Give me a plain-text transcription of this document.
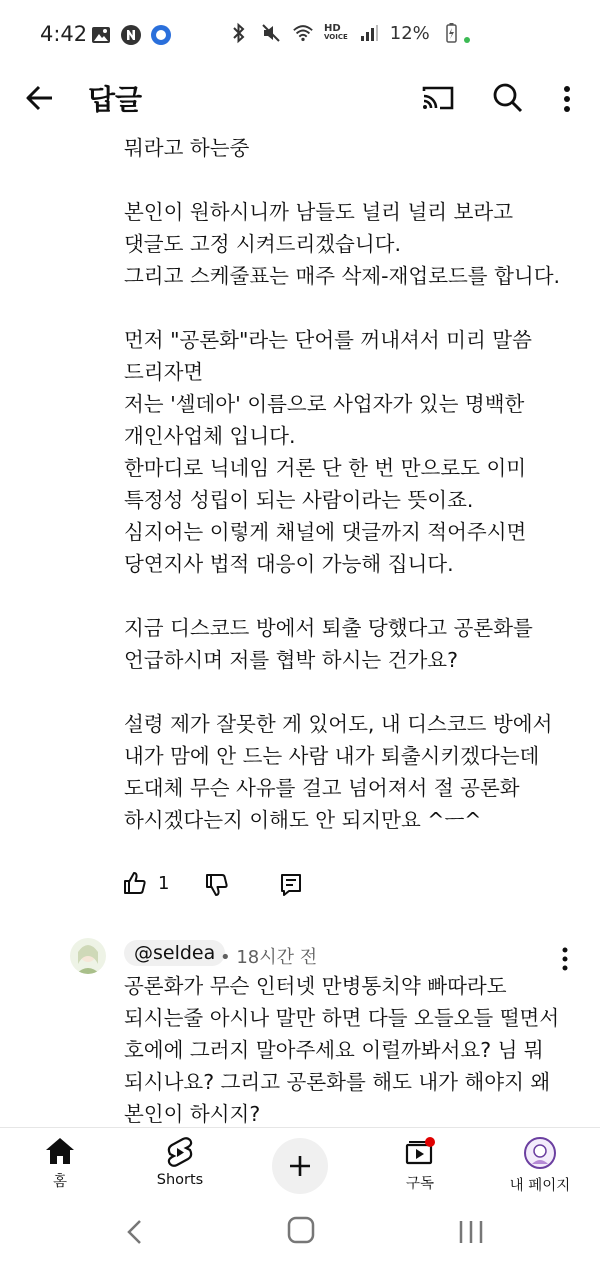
4:42	HD
VOICE 12%
답글
뭐라고 하는중
본인이 원하시니까 남들도 널리 널리 보라고
댓글도 고정 시켜드리겠습니다.
그리고 스케줄표는 매주 삭제-재업로드를 합니다.
먼저 "공론화"라는 단어를 꺼내셔서 미리 말씀
드리자면
저는 '셀데아' 이름으로 사업자가 있는 명백한
개인사업체 입니다.
한마디로 닉네임 거론 단 한 번 만으로도 이미
특정성 성립이 되는 사람이라는 뜻이죠.
심지어는 이렇게 채널에 댓글까지 적어주시면
당연지사 법적 대응이 가능해 집니다.
지금 디스코드 방에서 퇴출 당했다고 공론화를
언급하시며 저를 협박 하시는 건가요?
설령 제가 잘못한 게 있어도, 내 디스코드 방에서
내가 맘에 안 드는 사람 내가 퇴출시키겠다는데
도대체 무슨 사유를 걸고 넘어져서 절 공론화
하시겠다는지 이해도 안 되지만요 ^ㅡ^
1
@seldea • 18시간 전
공론화가 무슨 인터넷 만병통치약 빠따라도
되시는줄 아시나 말만 하면 다들 오들오들 떨면서
호에에 그러지 말아주세요 이럴까봐서요? 님 뭐
되시나요? 그리고 공론화를 해도 내가 해야지 왜
본인이 하시지?
홈	Shorts	구독	내 페이지
